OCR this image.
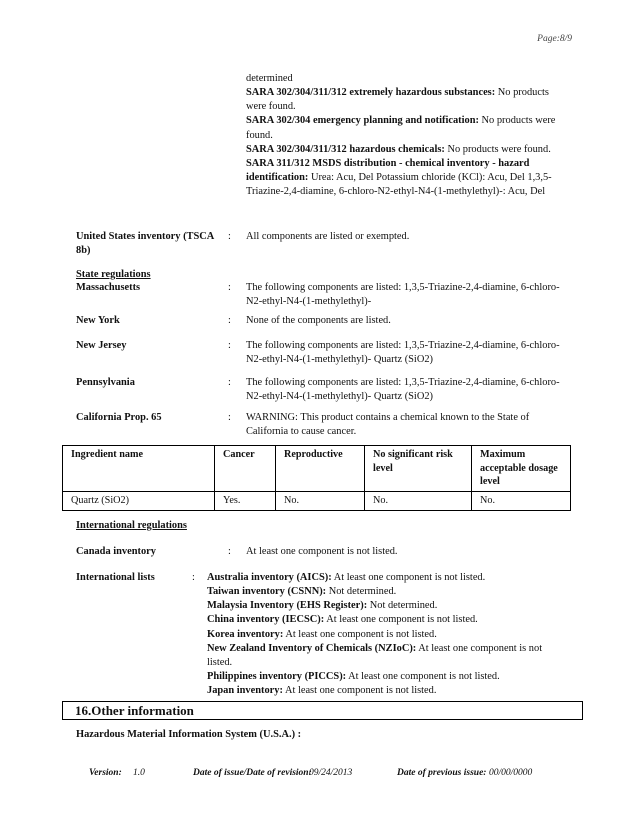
Page:8/9
determined
SARA 302/304/311/312 extremely hazardous substances: No products were found.
SARA 302/304 emergency planning and notification: No products were found.
SARA 302/304/311/312 hazardous chemicals: No products were found.
SARA 311/312 MSDS distribution - chemical inventory - hazard identification: Urea: Acu, Del Potassium chloride (KCl): Acu, Del 1,3,5-Triazine-2,4-diamine, 6-chloro-N2-ethyl-N4-(1-methylethyl)-: Acu, Del
United States inventory (TSCA 8b)
: All components are listed or exempted.
State regulations
Massachusetts	: The following components are listed: 1,3,5-Triazine-2,4-diamine, 6-chloro-N2-ethyl-N4-(1-methylethyl)-
New York	: None of the components are listed.
New Jersey	: The following components are listed: 1,3,5-Triazine-2,4-diamine, 6-chloro-N2-ethyl-N4-(1-methylethyl)- Quartz (SiO2)
Pennsylvania	: The following components are listed: 1,3,5-Triazine-2,4-diamine, 6-chloro-N2-ethyl-N4-(1-methylethyl)- Quartz (SiO2)
California Prop. 65	: WARNING: This product contains a chemical known to the State of California to cause cancer.
Ingredient name	Cancer	Reproductive	No significant risk level	Maximum acceptable dosage level
Quartz (SiO2)	Yes.	No.	No.	No.
International regulations
Canada inventory	: At least one component is not listed.
International lists	: Australia inventory (AICS): At least one component is not listed.
Taiwan inventory (CSNN): Not determined.
Malaysia Inventory (EHS Register): Not determined.
China inventory (IECSC): At least one component is not listed.
Korea inventory: At least one component is not listed.
New Zealand Inventory of Chemicals (NZIoC): At least one component is not listed.
Philippines inventory (PICCS): At least one component is not listed.
Japan inventory: At least one component is not listed.
16.Other information
Hazardous Material Information System (U.S.A.) :
Version: 1.0	Date of issue/Date of revision:
09/24/2013	Date of previous issue: 00/00/0000
